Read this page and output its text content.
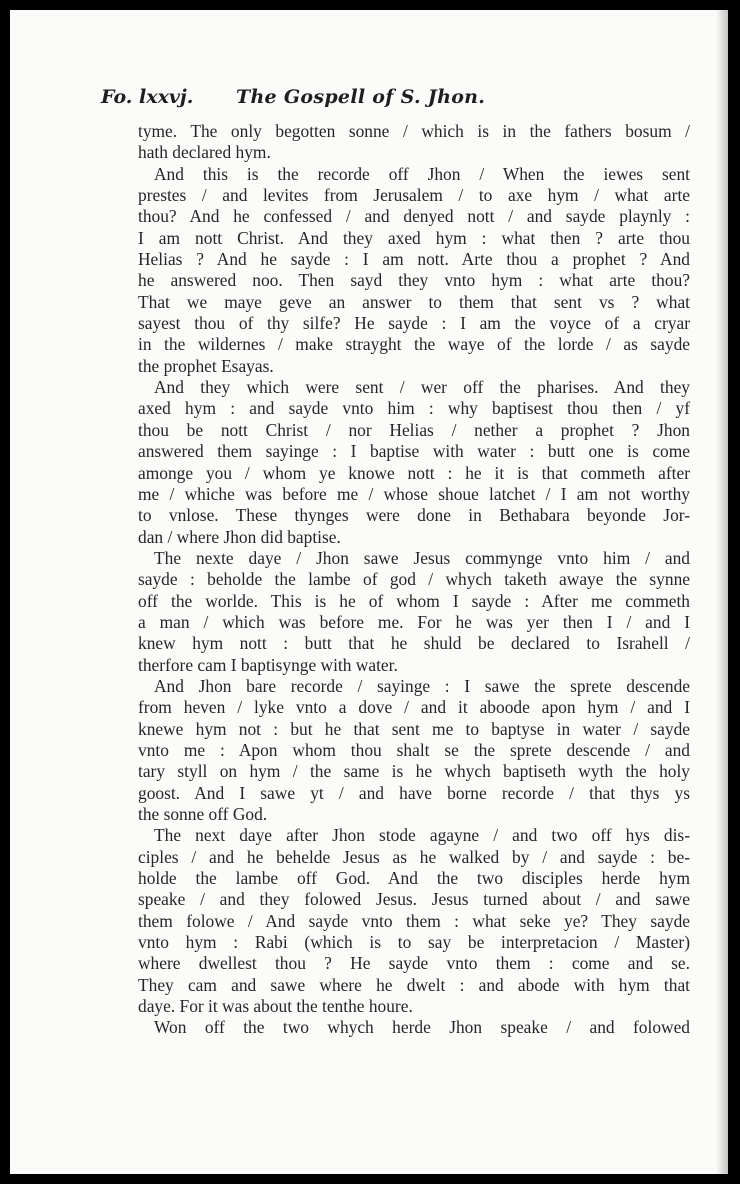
Fo. lxxvj. The Gospell of S. Jhon.
tyme. The only begotten sonne / which is in the fathers bosum /
hath declared hym.
And this is the recorde off Jhon / When the iewes sent
prestes / and levites from Jerusalem / to axe hym / what arte
thou? And he confessed / and denyed nott / and sayde playnly :
I am nott Christ. And they axed hym : what then ? arte thou
Helias ? And he sayde : I am nott. Arte thou a prophet ? And
he answered noo. Then sayd they vnto hym : what arte thou?
That we maye geve an answer to them that sent vs ? what
sayest thou of thy silfe? He sayde : I am the voyce of a cryar
in the wildernes / make strayght the waye of the lorde / as sayde
the prophet Esayas.
And they which were sent / wer off the pharises. And they
axed hym : and sayde vnto him : why baptisest thou then / yf
thou be nott Christ / nor Helias / nether a prophet ? Jhon
answered them sayinge : I baptise with water : butt one is come
amonge you / whom ye knowe nott : he it is that commeth after
me / whiche was before me / whose shoue latchet / I am not worthy
to vnlose. These thynges were done in Bethabara beyonde Jor-
dan / where Jhon did baptise.
The nexte daye / Jhon sawe Jesus commynge vnto him / and
sayde : beholde the lambe of god / whych taketh awaye the synne
off the worlde. This is he of whom I sayde : After me commeth
a man / which was before me. For he was yer then I / and I
knew hym nott : butt that he shuld be declared to Israhell /
therfore cam I baptisynge with water.
And Jhon bare recorde / sayinge : I sawe the sprete descende
from heven / lyke vnto a dove / and it aboode apon hym / and I
knewe hym not : but he that sent me to baptyse in water / sayde
vnto me : Apon whom thou shalt se the sprete descende / and
tary styll on hym / the same is he whych baptiseth wyth the holy
goost. And I sawe yt / and have borne recorde / that thys ys
the sonne off God.
The next daye after Jhon stode agayne / and two off hys dis-
ciples / and he behelde Jesus as he walked by / and sayde : be-
holde the lambe off God. And the two disciples herde hym
speake / and they folowed Jesus. Jesus turned about / and sawe
them folowe / And sayde vnto them : what seke ye? They sayde
vnto hym : Rabi (which is to say be interpretacion / Master)
where dwellest thou ? He sayde vnto them : come and se.
They cam and sawe where he dwelt : and abode with hym that
daye. For it was about the tenthe houre.
Won off the two whych herde Jhon speake / and folowed
